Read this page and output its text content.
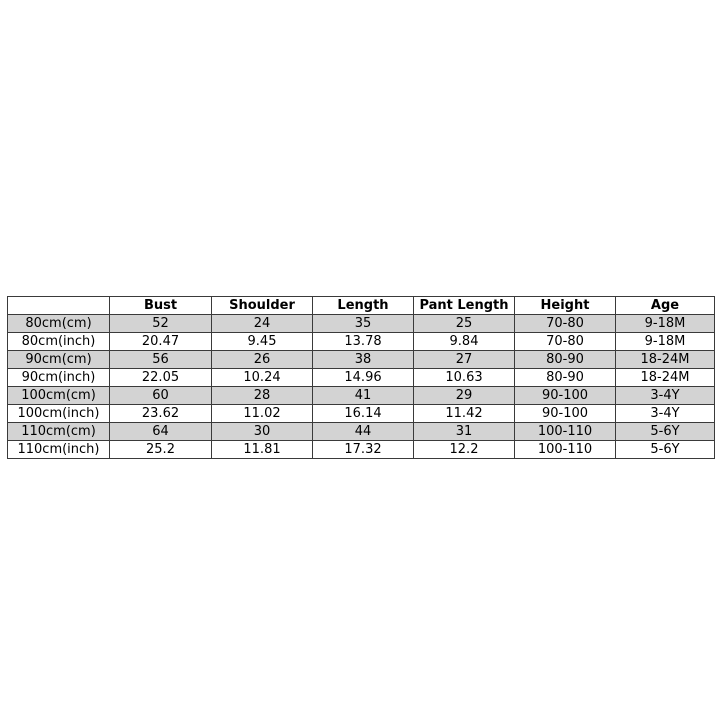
	Bust	Shoulder	Length	Pant Length	Height	Age
80cm(cm)	52	24	35	25	70-80	9-18M
80cm(inch)	20.47	9.45	13.78	9.84	70-80	9-18M
90cm(cm)	56	26	38	27	80-90	18-24M
90cm(inch)	22.05	10.24	14.96	10.63	80-90	18-24M
100cm(cm)	60	28	41	29	90-100	3-4Y
100cm(inch)	23.62	11.02	16.14	11.42	90-100	3-4Y
110cm(cm)	64	30	44	31	100-110	5-6Y
110cm(inch)	25.2	11.81	17.32	12.2	100-110	5-6Y
